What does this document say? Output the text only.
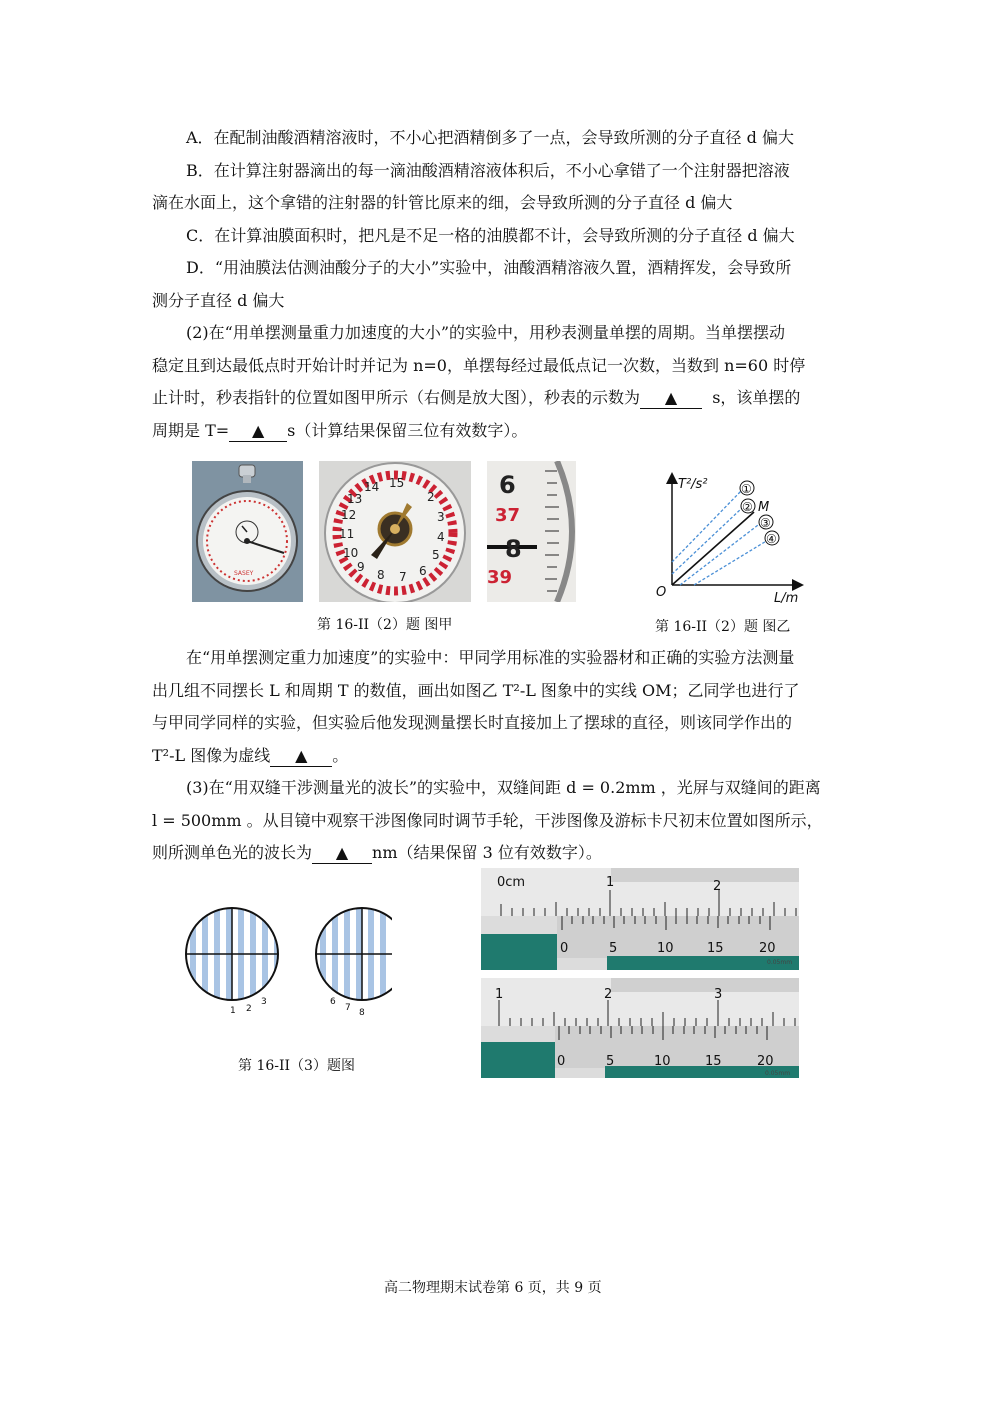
A．在配制油酸酒精溶液时，不小心把酒精倒多了一点，会导致所测的分子直径 d 偏大
B．在计算注射器滴出的每一滴油酸酒精溶液体积后，不小心拿错了一个注射器把溶液
滴在水面上，这个拿错的注射器的针管比原来的细，会导致所测的分子直径 d 偏大
C．在计算油膜面积时，把凡是不足一格的油膜都不计，会导致所测的分子直径 d 偏大
D．“用油膜法估测油酸分子的大小”实验中，油酸酒精溶液久置，酒精挥发，会导致所
测分子直径 d 偏大
(2)在“用单摆测量重力加速度的大小”的实验中，用秒表测量单摆的周期。当单摆摆动
稳定且到达最低点时开始计时并记为 n=0，单摆每经过最低点记一次数，当数到 n=60 时停
止计时，秒表指针的位置如图甲所示（右侧是放大图），秒表的示数为 ▲ s，该单摆的
周期是 T= ▲ s（计算结果保留三位有效数字）。
SASEY
14 15
13
12
11
10
9
8 7 6
5
4
3
2	6
37
8
39
T²/s²
L/m
O
①
② M
③
④
第 16-II（2）题 图甲	第 16-II（2）题 图乙
在“用单摆测定重力加速度”的实验中：甲同学用标准的实验器材和正确的实验方法测量
出几组不同摆长 L 和周期 T 的数值，画出如图乙 T²-L 图象中的实线 OM；乙同学也进行了
与甲同学同样的实验，但实验后他发现测量摆长时直接加上了摆球的直径，则该同学作出的
T²-L 图像为虚线 ▲ 。
(3)在“用双缝干涉测量光的波长”的实验中，双缝间距 d = 0.2mm ，光屏与双缝间的距离
l = 500mm 。从目镜中观察干涉图像同时调节手轮，干涉图像及游标卡尺初末位置如图所示，
则所测单色光的波长为 ▲ nm（结果保留 3 位有效数字）。
1 2
3	6
7 8
第 16-II（3）题图
0cm	1	2
0	5	10	15	20
0.05mm
1	2	3
0	5	10	15	20
0.05mm
高二物理期末试卷第 6 页，共 9 页
